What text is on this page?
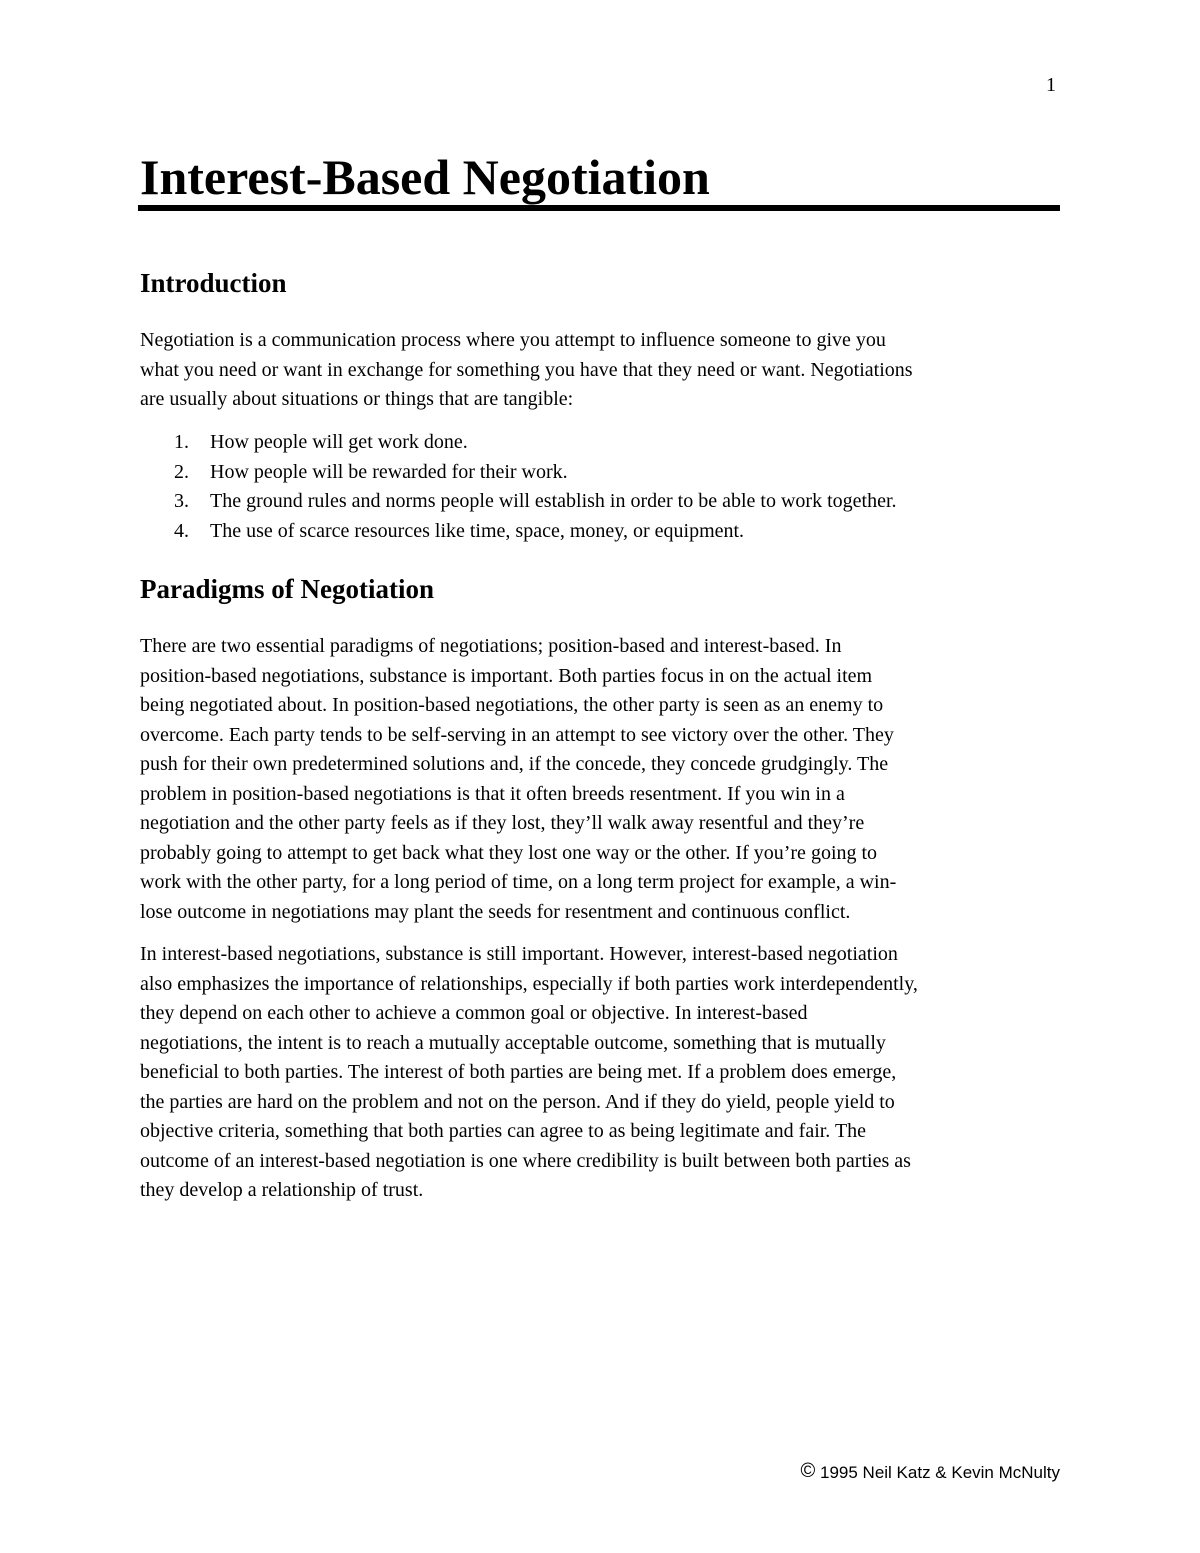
1
Interest-Based Negotiation
Introduction

Negotiation is a communication process where you attempt to influence someone to give you
what you need or want in exchange for something you have that they need or want. Negotiations
are usually about situations or things that are tangible:

1. How people will get work done.
2. How people will be rewarded for their work.
3. The ground rules and norms people will establish in order to be able to work together.
4. The use of scarce resources like time, space, money, or equipment.
Paradigms of Negotiation

There are two essential paradigms of negotiations; position-based and interest-based. In
position-based negotiations, substance is important. Both parties focus in on the actual item
being negotiated about. In position-based negotiations, the other party is seen as an enemy to
overcome. Each party tends to be self-serving in an attempt to see victory over the other. They
push for their own predetermined solutions and, if the concede, they concede grudgingly. The
problem in position-based negotiations is that it often breeds resentment. If you win in a
negotiation and the other party feels as if they lost, they’ll walk away resentful and they’re
probably going to attempt to get back what they lost one way or the other. If you’re going to
work with the other party, for a long period of time, on a long term project for example, a win-
lose outcome in negotiations may plant the seeds for resentment and continuous conflict.

In interest-based negotiations, substance is still important. However, interest-based negotiation
also emphasizes the importance of relationships, especially if both parties work interdependently,
they depend on each other to achieve a common goal or objective. In interest-based
negotiations, the intent is to reach a mutually acceptable outcome, something that is mutually
beneficial to both parties. The interest of both parties are being met. If a problem does emerge,
the parties are hard on the problem and not on the person. And if they do yield, people yield to
objective criteria, something that both parties can agree to as being legitimate and fair. The
outcome of an interest-based negotiation is one where credibility is built between both parties as
they develop a relationship of trust.

© 1995 Neil Katz & Kevin McNulty
